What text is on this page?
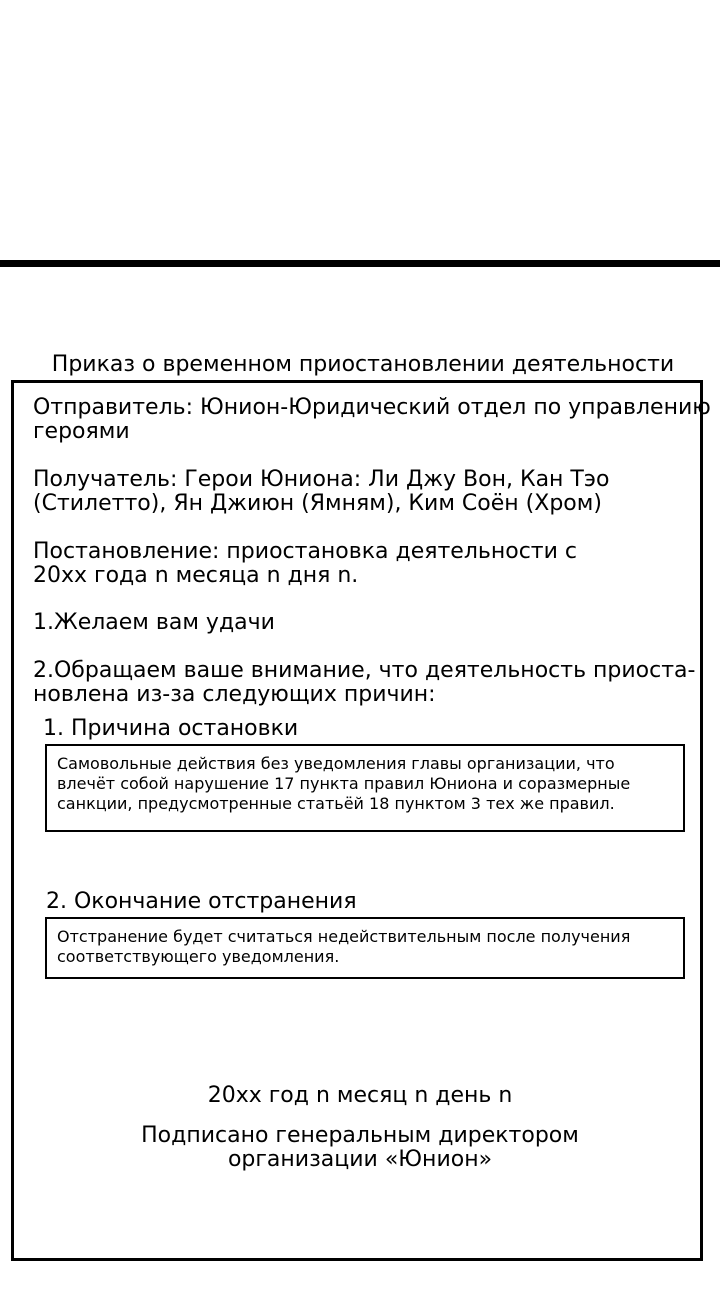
Приказ о временном приостановлении деятельности
Отправитель: Юнион-Юридический отдел по управлению
героями
Получатель: Герои Юниона: Ли Джу Вон, Кан Тэо
(Стилетто), Ян Джиюн (Ямням), Ким Соён (Хром)
Постановление: приостановка деятельности с
20xx года n месяца n дня n.
1.Желаем вам удачи
2.Обращаем ваше внимание, что деятельность приоста-
новлена из-за следующих причин:
1. Причина остановки
Самовольные действия без уведомления главы организации, что
влечёт собой нарушение 17 пункта правил Юниона и соразмерные
санкции, предусмотренные статьёй 18 пунктом 3 тех же правил.
2. Окончание отстранения
Отстранение будет считаться недействительным после получения
соответствующего уведомления.
20xx год n месяц n день n
Подписано генеральным директором
организации «Юнион»
